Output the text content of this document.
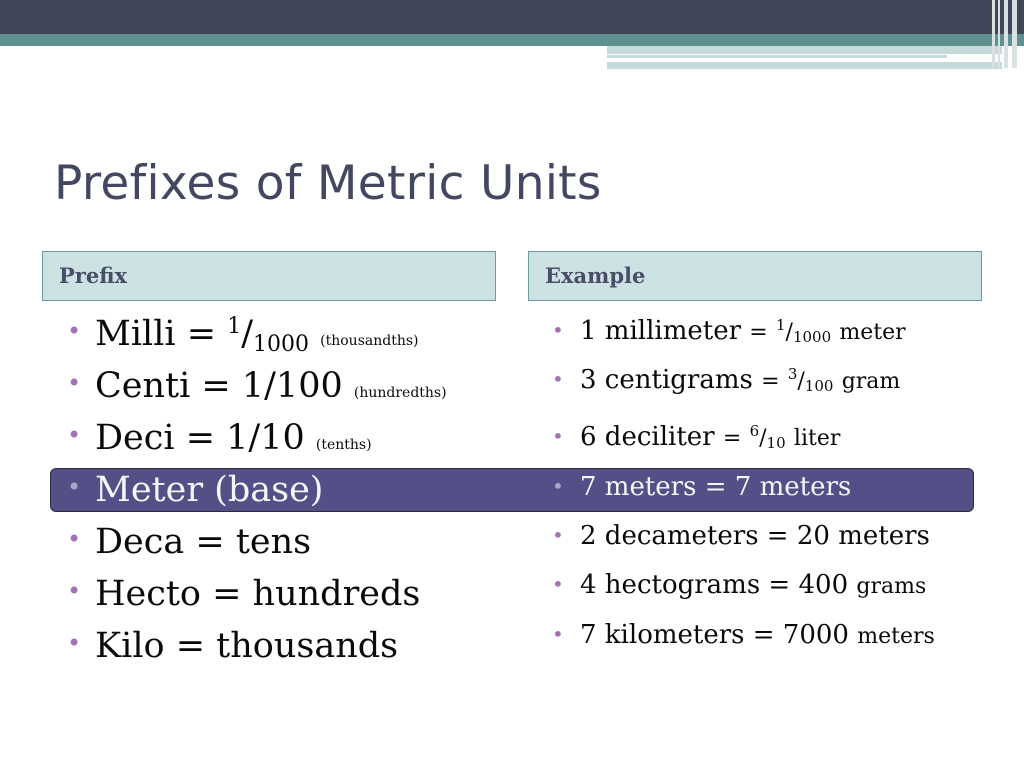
Prefixes of Metric Units
Prefix	Example
• Milli = $^1/_{1000}$ (thousandths)
• Centi = 1/100 (hundredths)
• Deci = 1/10 (tenths)
• Meter (base)
• Deca = tens
• Hecto = hundreds
• Kilo = thousands
• 1 millimeter = $^1/_{1000}$ meter
• 3 centigrams = $^3/_{100}$ gram
• 6 deciliter = $^6/_{10}$ liter
• 7 meters = 7 meters
• 2 decameters = 20 meters
• 4 hectograms = 400 grams
• 7 kilometers = 7000 meters
